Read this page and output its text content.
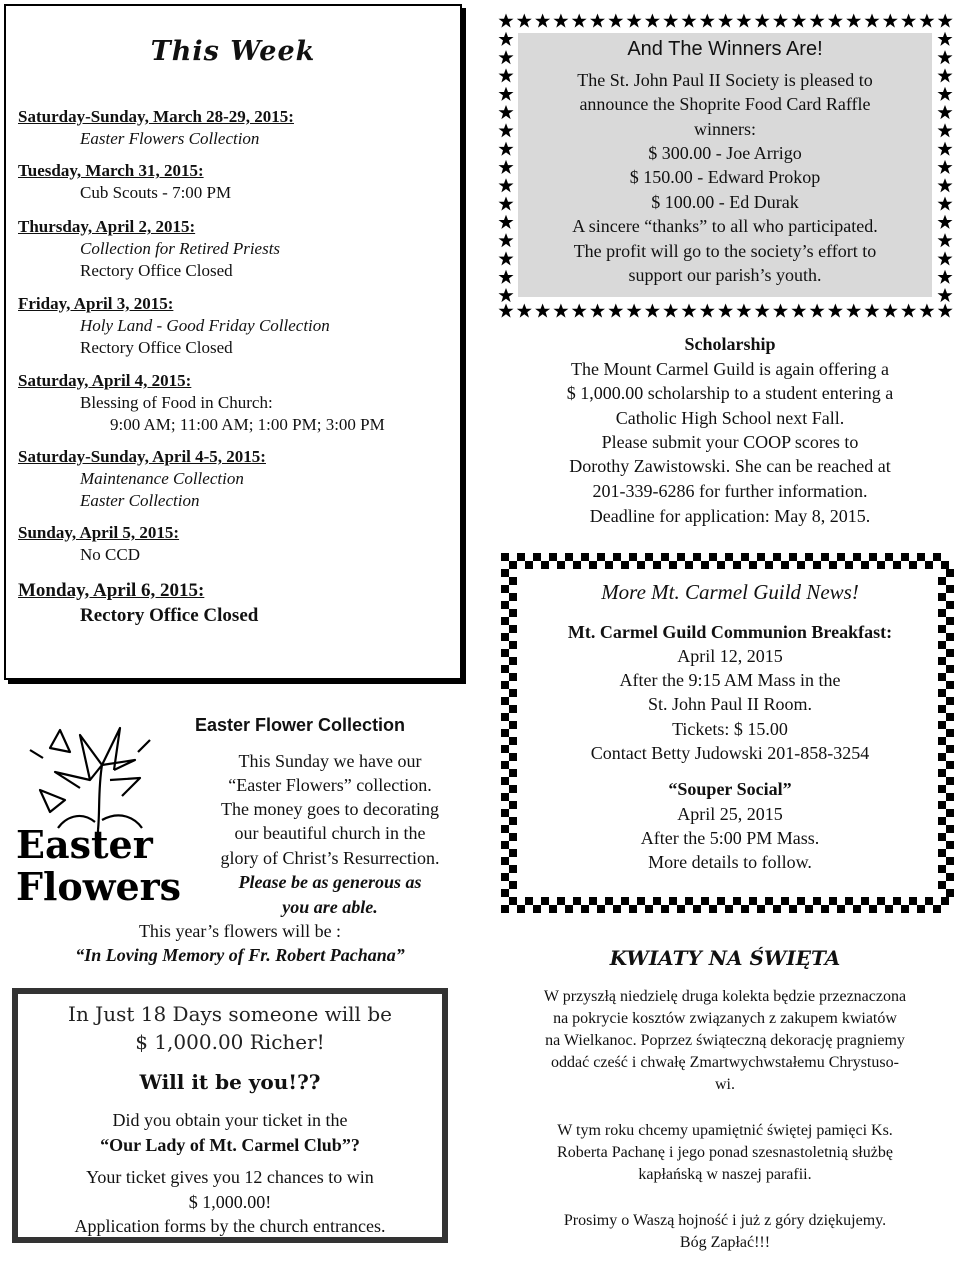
This Week
Saturday-Sunday, March 28-29, 2015:
Easter Flowers Collection
Tuesday, March 31, 2015:
Cub Scouts - 7:00 PM
Thursday, April 2, 2015:
Collection for Retired Priests
Rectory Office Closed
Friday, April 3, 2015:
Holy Land - Good Friday Collection
Rectory Office Closed
Saturday, April 4, 2015:
Blessing of Food in Church:
9:00 AM; 11:00 AM; 1:00 PM; 3:00 PM
Saturday-Sunday, April 4-5, 2015:
Maintenance Collection
Easter Collection
Sunday, April 5, 2015:
No CCD
Monday, April 6, 2015:
Rectory Office Closed
Easter
Flowers
Easter Flower Collection
This Sunday we have our
“Easter Flowers” collection.
The money goes to decorating
our beautiful church in the
glory of Christ’s Resurrection.
Please be as generous as
you are able.
This year’s flowers will be :
“In Loving Memory of Fr. Robert Pachana”
In Just 18 Days someone will be
$ 1,000.00 Richer!
Will it be you!??
Did you obtain your ticket in the
“Our Lady of Mt. Carmel Club”?
Your ticket gives you 12 chances to win
$ 1,000.00!
Application forms by the church entrances.
And The Winners Are!
The St. John Paul II Society is pleased to
announce the Shoprite Food Card Raffle
winners:
$ 300.00 - Joe Arrigo
$ 150.00 - Edward Prokop
$ 100.00 - Ed Durak
A sincere “thanks” to all who participated.
The profit will go to the society’s effort to
support our parish’s youth.
Scholarship
The Mount Carmel Guild is again offering a
$ 1,000.00 scholarship to a student entering a
Catholic High School next Fall.
Please submit your COOP scores to
Dorothy Zawistowski. She can be reached at
201-339-6286 for further information.
Deadline for application: May 8, 2015.
More Mt. Carmel Guild News!
Mt. Carmel Guild Communion Breakfast:
April 12, 2015
After the 9:15 AM Mass in the
St. John Paul II Room.
Tickets: $ 15.00
Contact Betty Judowski 201-858-3254
“Souper Social”
April 25, 2015
After the 5:00 PM Mass.
More details to follow.
KWIATY NA ŚWIĘTA
W przyszłą niedzielę druga kolekta będzie przeznaczona
na pokrycie kosztów związanych z zakupem kwiatów
na Wielkanoc. Poprzez świąteczną dekorację pragniemy
oddać cześć i chwałę Zmartwychwstałemu Chrystuso-
wi.
W tym roku chcemy upamiętnić świętej pamięci Ks.
Roberta Pachanę i jego ponad szesnastoletnią służbę
kapłańską w naszej parafii.
Prosimy o Waszą hojność i już z góry dziękujemy.
Bóg Zapłać!!!
